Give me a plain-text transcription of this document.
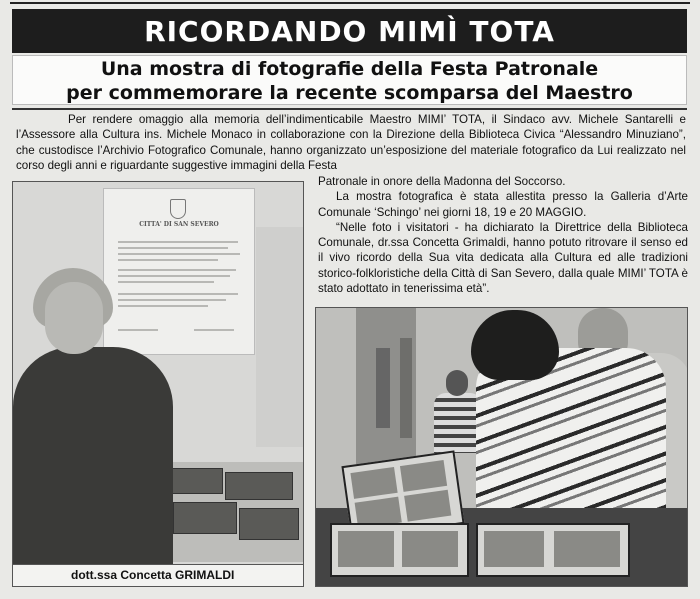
RICORDANDO MIMÌ TOTA
Una mostra di fotografie della Festa Patronale
per commemorare la recente scomparsa del Maestro
Per rendere omaggio alla memoria dell’indimenticabile Maestro MIMI’ TOTA, il Sindaco avv. Michele Santarelli e l’Assessore alla Cultura ins. Michele Monaco in collaborazione con la Direzione della Biblioteca Civica “Alessandro Minuziano”, che custodisce l’Archivio Fotografico Comunale, hanno organizzato un’esposizione del materiale fotografico da Lui realizzato nel corso degli anni e riguardante suggestive immagini della Festa

Patronale in onore della Madonna del Soccorso.

La mostra fotografica è stata allestita presso la Galleria d’Arte Comunale ‘Schingo’ nei giorni 18, 19 e 20 MAGGIO.

“Nelle foto i visitatori - ha dichiarato la Direttrice della Biblioteca Comunale, dr.ssa Concetta Grimaldi, hanno potuto ritrovare il senso ed il vivo ricordo della Sua vita dedicata alla Cultura ed alle tradizioni storico-folkloristiche della Città di San Severo, dalla quale MIMI’ TOTA è stato adottato in tenerissima età”.

CITTA' DI SAN SEVERO
dott.ssa Concetta GRIMALDI
